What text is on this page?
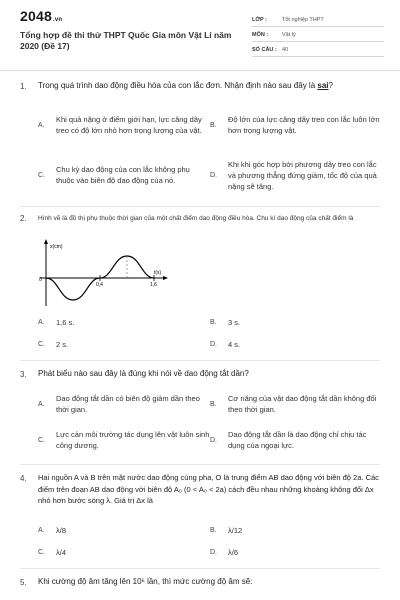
2048.vn
Tổng hợp đề thi thử THPT Quốc Gia môn Vật Lí năm 2020 (Đề 17)
LỚP :	Tốt nghiệp THPT
MÔN :	Vật lý
SỐ CÂU : 40
1. Trong quá trình dao động điều hòa của con lắc đơn. Nhận định nào sau đây là sai?
A.
Khi quả nặng ở điểm giới hạn, lực căng dây treo có độ lớn nhỏ hơn trọng lượng của vật.
B.
Độ lớn của lực căng dây treo con lắc luôn lớn hơn trọng lượng vật.
C.
Chu kỳ dao động của con lắc không phụ thuộc vào biên độ dao động của nó.
D.
Khi khi góc hợp bởi phương dây treo con lắc và phương thẳng đứng giảm, tốc độ của quả nặng sẽ tăng.
2. Hình vẽ là đồ thị phụ thuộc thời gian của một chất điểm dao động điều hòa. Chu kì dao động của chất điểm là
x(cm)
t(s)
0
0,4	1,6
A.	1,6 s.	B.	3 s.
C.	2 s.	D.	4 s.
3. Phát biểu nào sau đây là đúng khi nói về dao động tắt dần?
A.
Dao động tắt dần có biên độ giảm dần theo thời gian.
B.
Cơ năng của vật dao động tắt dần không đổi theo thời gian.
C.
Lực cản môi trường tác dụng lên vật luôn sinh công dương.
D.
Dao động tắt dần là dao động chỉ chịu tác dụng của ngoại lực.
4. Hai nguồn A và B trên mặt nước dao động cùng pha, O là trung điểm AB dao động với biên độ 2a. Các điểm trên đoạn AB dao động với biên độ A₀ (0 < A₀ < 2a) cách đều nhau những khoảng không đổi Δx nhỏ hơn bước sóng λ. Giá trị Δx là
A.	λ/8	B.	λ/12
C.	λ/4	D.	λ/6
5. Khi cường độ âm tăng lên 10⁶ lần, thì mức cường độ âm sẽ:
